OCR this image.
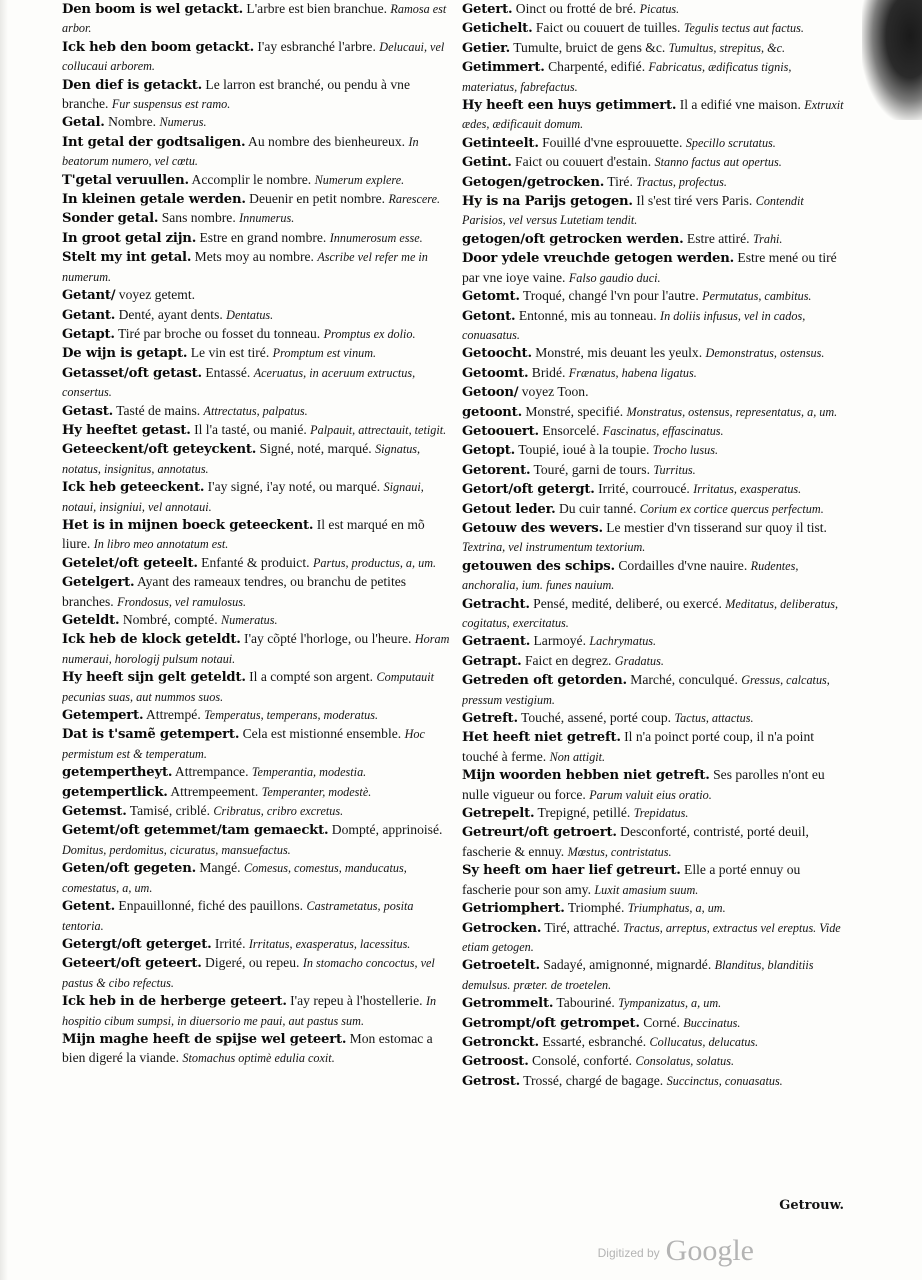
Den boom is wel getackt. L'arbre est bien branchue. Ramosa est arbor.
Ick heb den boom getackt. I'ay esbranché l'arbre. Delucaui, vel collucaui arborem.
Den dief is getackt. Le larron est branché, ou pendu à vne branche. Fur suspensus est ramo.
Getal. Nombre. Numerus.
Int getal der godtsaligen. Au nombre des bienheureux. In beatorum numero, vel cœtu.
T'getal veruullen. Accomplir le nombre. Numerum explere.
In kleinen getale werden. Deuenir en petit nombre. Rarescere.
Sonder getal. Sans nombre. Innumerus.
In groot getal zijn. Estre en grand nombre. Innumerosum esse.
Stelt my int getal. Mets moy au nombre. Ascribe vel refer me in numerum.
Getant/ voyez getemt.
Getant. Denté, ayant dents. Dentatus.
Getapt. Tiré par broche ou fosset du tonneau. Promptus ex dolio.
De wijn is getapt. Le vin est tiré. Promptum est vinum.
Getasset/oft getast. Entassé. Aceruatus, in aceruum extructus, consertus.
Getast. Tasté de mains. Attrectatus, palpatus.
Hy heeftet getast. Il l'a tasté, ou manié. Palpauit, attrectauit, tetigit.
Geteeckent/oft geteyckent. Signé, noté, marqué. Signatus, notatus, insignitus, annotatus.
Ick heb geteeckent. I'ay signé, i'ay noté, ou marqué. Signaui, notaui, insigniui, vel annotaui.
Het is in mijnen boeck geteeckent. Il est marqué en mõ liure. In libro meo annotatum est.
Getelet/oft geteelt. Enfanté & produict. Partus, productus, a, um.
Getelgert. Ayant des rameaux tendres, ou branchu de petites branches. Frondosus, vel ramulosus.
Geteldt. Nombré, compté. Numeratus.
Ick heb de klock geteldt. I'ay cõpté l'horloge, ou l'heure. Horam numeraui, horologij pulsum notaui.
Hy heeft sijn gelt geteldt. Il a compté son argent. Computauit pecunias suas, aut nummos suos.
Getempert. Attrempé. Temperatus, temperans, moderatus.
Dat is t'samẽ getempert. Cela est mistionné ensemble. Hoc permistum est & temperatum.
getempertheyt. Attrempance. Temperantia, modestia.
getempertlick. Attrempeement. Temperanter, modestè.
Getemst. Tamisé, criblé. Cribratus, cribro excretus.
Getemt/oft getemmet/tam gemaeckt. Dompté, apprinoisé. Domitus, perdomitus, cicuratus, mansuefactus.
Geten/oft gegeten. Mangé. Comesus, comestus, manducatus, comestatus, a, um.
Getent. Enpauillonné, fiché des pauillons. Castrametatus, posita tentoria.
Getergt/oft geterget. Irrité. Irritatus, exasperatus, lacessitus.
Geteert/oft geteert. Digeré, ou repeu. In stomacho concoctus, vel pastus & cibo refectus.
Ick heb in de herberge geteert. I'ay repeu à l'hostellerie. In hospitio cibum sumpsi, in diuersorio me paui, aut pastus sum.
Mijn maghe heeft de spijse wel geteert. Mon estomac a bien digeré la viande. Stomachus optimè edulia coxit.
Getert. Oinct ou frotté de bré. Picatus.
Getichelt. Faict ou couuert de tuilles. Tegulis tectus aut factus.
Getier. Tumulte, bruict de gens &c. Tumultus, strepitus, &c.
Getimmert. Charpenté, edifié. Fabricatus, ædificatus tignis, materiatus, fabrefactus.
Hy heeft een huys getimmert. Il a edifié vne maison. Extruxit ædes, ædificauit domum.
Getinteelt. Fouillé d'vne esprouuette. Specillo scrutatus.
Getint. Faict ou couuert d'estain. Stanno factus aut opertus.
Getogen/getrocken. Tiré. Tractus, profectus.
Hy is na Parijs getogen. Il s'est tiré vers Paris. Contendit Parisios, vel versus Lutetiam tendit.
getogen/oft getrocken werden. Estre attiré. Trahi.
Door ydele vreuchde getogen werden. Estre mené ou tiré par vne ioye vaine. Falso gaudio duci.
Getomt. Troqué, changé l'vn pour l'autre. Permutatus, cambitus.
Getont. Entonné, mis au tonneau. In doliis infusus, vel in cados, conuasatus.
Getoocht. Monstré, mis deuant les yeulx. Demonstratus, ostensus.
Getoomt. Bridé. Frænatus, habena ligatus.
Getoon/ voyez Toon.
getoont. Monstré, specifié. Monstratus, ostensus, representatus, a, um.
Getoouert. Ensorcelé. Fascinatus, effascinatus.
Getopt. Toupié, ioué à la toupie. Trocho lusus.
Getorent. Touré, garni de tours. Turritus.
Getort/oft getergt. Irrité, courroucé. Irritatus, exasperatus.
Getout leder. Du cuir tanné. Corium ex cortice quercus perfectum.
Getouw des wevers. Le mestier d'vn tisserand sur quoy il tist. Textrina, vel instrumentum textorium.
getouwen des schips. Cordailles d'vne nauire. Rudentes, anchoralia, ium. funes nauium.
Getracht. Pensé, medité, deliberé, ou exercé. Meditatus, deliberatus, cogitatus, exercitatus.
Getraent. Larmoyé. Lachrymatus.
Getrapt. Faict en degrez. Gradatus.
Getreden oft getorden. Marché, conculqué. Gressus, calcatus, pressum vestigium.
Getreft. Touché, assené, porté coup. Tactus, attactus.
Het heeft niet getreft. Il n'a poinct porté coup, il n'a point touché à ferme. Non attigit.
Mijn woorden hebben niet getreft. Ses parolles n'ont eu nulle vigueur ou force. Parum valuit eius oratio.
Getrepelt. Trepigné, petillé. Trepidatus.
Getreurt/oft getroert. Desconforté, contristé, porté deuil, fascherie & ennuy. Mœstus, contristatus.
Sy heeft om haer lief getreurt. Elle a porté ennuy ou fascherie pour son amy. Luxit amasium suum.
Getriomphert. Triomphé. Triumphatus, a, um.
Getrocken. Tiré, attraché. Tractus, arreptus, extractus vel ereptus. Vide etiam getogen.
Getroetelt. Sadayé, amignonné, mignardé. Blanditus, blanditiis demulsus. præter. de troetelen.
Getrommelt. Tabouriné. Tympanizatus, a, um.
Getrompt/oft getrompet. Corné. Buccinatus.
Getronckt. Essarté, esbranché. Collucatus, delucatus.
Getroost. Consolé, conforté. Consolatus, solatus.
Getrost. Trossé, chargé de bagage. Succinctus, conuasatus.
Getrouw.
Digitized by Google
